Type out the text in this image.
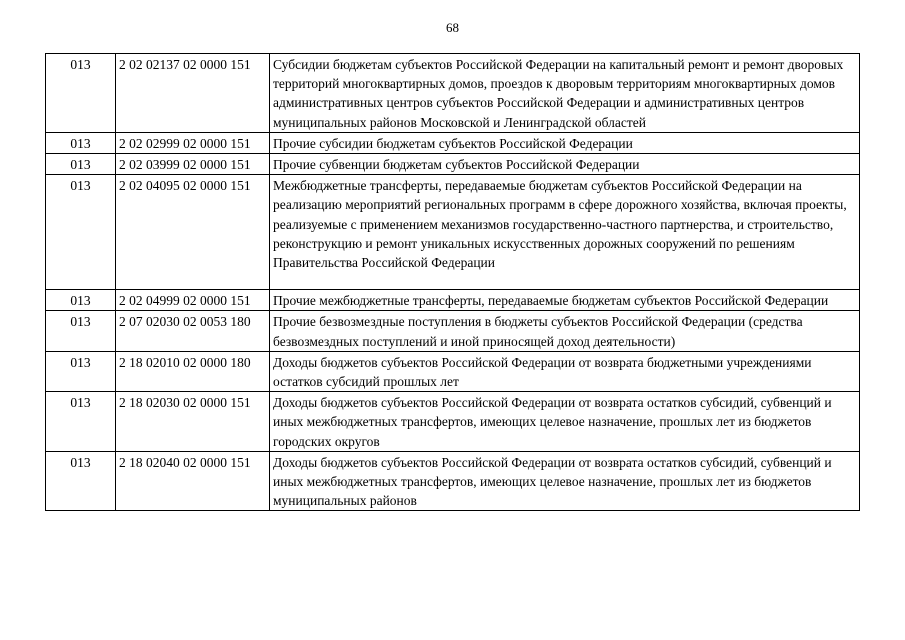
68
013	2 02 02137 02 0000 151	Субсидии бюджетам субъектов Российской Федерации на капитальный ремонт и ремонт дворовых территорий многоквартирных домов, проездов к дворовым территориям многоквартирных домов административных центров субъектов Российской Федерации и административных центров муниципальных районов Московской и Ленинградской областей
013	2 02 02999 02 0000 151	Прочие субсидии бюджетам субъектов Российской Федерации
013	2 02 03999 02 0000 151	Прочие субвенции бюджетам субъектов Российской Федерации
013	2 02 04095 02 0000 151	Межбюджетные трансферты, передаваемые бюджетам субъектов Российской Федерации на реализацию мероприятий региональных программ в сфере дорожного хозяйства, включая проекты, реализуемые с применением механизмов государственно-частного партнерства, и строительство, реконструкцию и ремонт уникальных искусственных дорожных сооружений по решениям Правительства Российской Федерации
013	2 02 04999 02 0000 151	Прочие межбюджетные трансферты, передаваемые бюджетам субъектов Российской Федерации
013	2 07 02030 02 0053 180	Прочие безвозмездные поступления в бюджеты субъектов Российской Федерации (средства безвозмездных поступлений и иной приносящей доход деятельности)
013	2 18 02010 02 0000 180	Доходы бюджетов субъектов Российской Федерации от возврата бюджетными учреждениями остатков субсидий прошлых лет
013	2 18 02030 02 0000 151	Доходы бюджетов субъектов Российской Федерации от возврата остатков субсидий, субвенций и иных межбюджетных трансфертов, имеющих целевое назначение, прошлых лет из бюджетов городских округов
013	2 18 02040 02 0000 151	Доходы бюджетов субъектов Российской Федерации от возврата остатков субсидий, субвенций и иных межбюджетных трансфертов, имеющих целевое назначение, прошлых лет из бюджетов муниципальных районов
